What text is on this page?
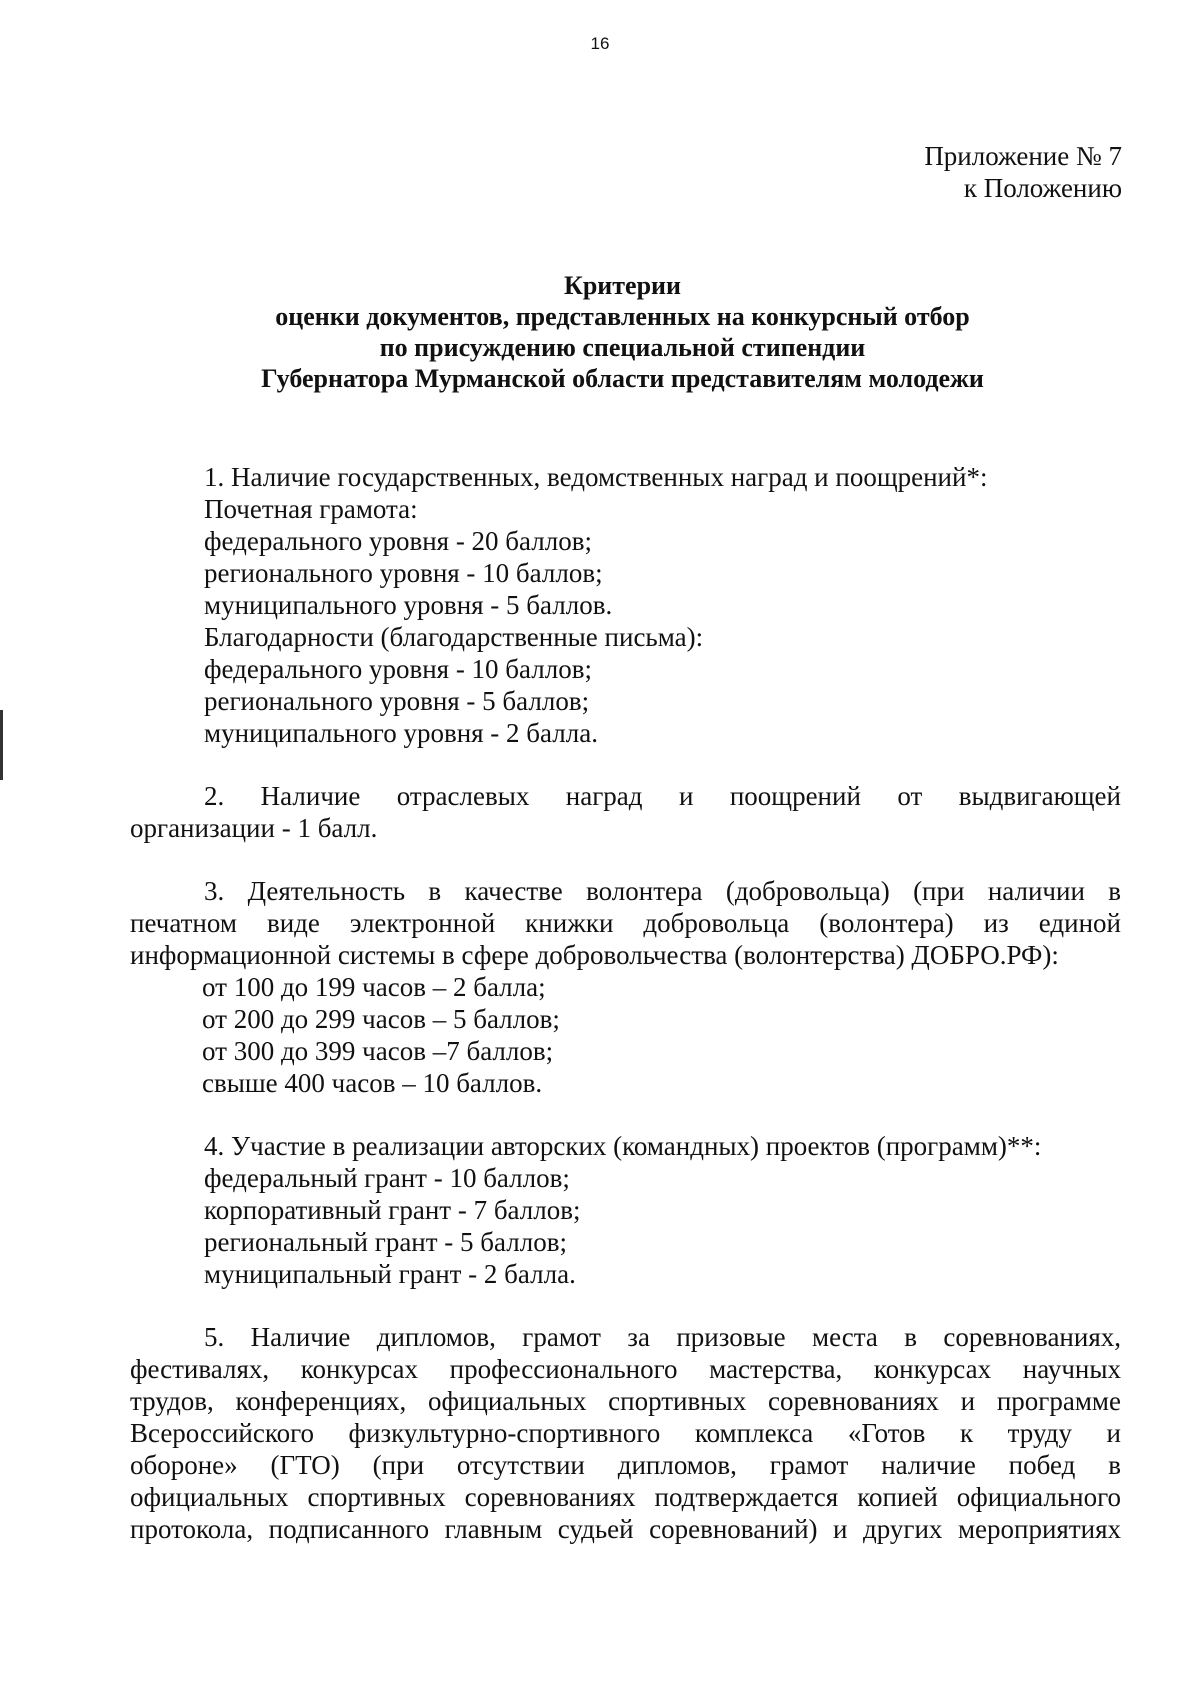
16
Приложение № 7
к Положению
Критерии
оценки документов, представленных на конкурсный отбор
по присуждению специальной стипендии
Губернатора Мурманской области представителям молодежи
1. Наличие государственных, ведомственных наград и поощрений*:
Почетная грамота:
федерального уровня - 20 баллов;
регионального уровня - 10 баллов;
муниципального уровня - 5 баллов.
Благодарности (благодарственные письма):
федерального уровня - 10 баллов;
регионального уровня - 5 баллов;
муниципального уровня - 2 балла.
2. Наличие отраслевых наград и поощрений от выдвигающей
организации - 1 балл.
3. Деятельность в качестве волонтера (добровольца) (при наличии в
печатном виде электронной книжки добровольца (волонтера) из единой
информационной системы в сфере добровольчества (волонтерства) ДОБРО.РФ):
от 100 до 199 часов – 2 балла;
от 200 до 299 часов – 5 баллов;
от 300 до 399 часов –7 баллов;
свыше 400 часов – 10 баллов.
4. Участие в реализации авторских (командных) проектов (программ)**:
федеральный грант - 10 баллов;
корпоративный грант - 7 баллов;
региональный грант - 5 баллов;
муниципальный грант - 2 балла.
5. Наличие дипломов, грамот за призовые места в соревнованиях,
фестивалях, конкурсах профессионального мастерства, конкурсах научных
трудов, конференциях, официальных спортивных соревнованиях и программе
Всероссийского физкультурно-спортивного комплекса «Готов к труду и
обороне» (ГТО) (при отсутствии дипломов, грамот наличие побед в
официальных спортивных соревнованиях подтверждается копией официального
протокола, подписанного главным судьей соревнований) и других мероприятиях
